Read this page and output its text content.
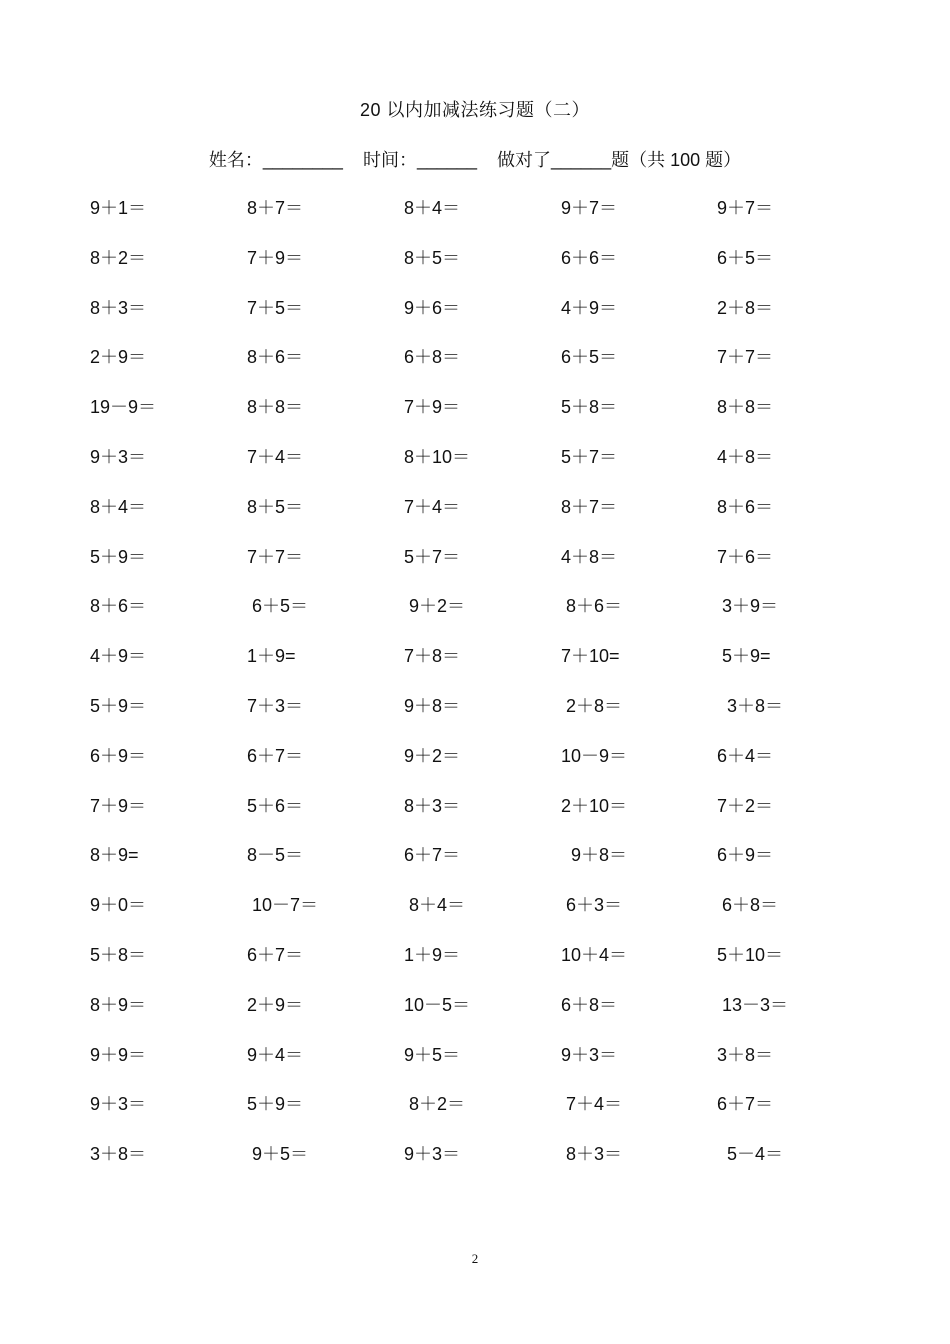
20 以内加减法练习题（二）
姓名：________    时间：______    做对了______题（共 100 题）
9＋1＝	8＋7＝	8＋4＝	9＋7＝	9＋7＝
8＋2＝	7＋9＝	8＋5＝	6＋6＝	6＋5＝
8＋3＝	7＋5＝	9＋6＝	4＋9＝	2＋8＝
2＋9＝	8＋6＝	6＋8＝	6＋5＝	7＋7＝
19－9＝	8＋8＝	7＋9＝	5＋8＝	8＋8＝
9＋3＝	7＋4＝	8＋10＝	5＋7＝	4＋8＝
8＋4＝	8＋5＝	7＋4＝	8＋7＝	8＋6＝
5＋9＝	7＋7＝	5＋7＝	4＋8＝	7＋6＝
8＋6＝	6＋5＝	9＋2＝	8＋6＝	3＋9＝
4＋9＝	1＋9=	7＋8＝	7＋10=	5＋9=
5＋9＝	7＋3＝	9＋8＝	2＋8＝	3＋8＝
6＋9＝	6＋7＝	9＋2＝	10－9＝	6＋4＝
7＋9＝	5＋6＝	8＋3＝	2＋10＝	7＋2＝
8＋9=	8－5＝	6＋7＝	9＋8＝	6＋9＝
9＋0＝	10－7＝	8＋4＝	6＋3＝	6＋8＝
5＋8＝	6＋7＝	1＋9＝	10＋4＝	5＋10＝
8＋9＝	2＋9＝	10－5＝	6＋8＝	13－3＝
9＋9＝	9＋4＝	9＋5＝	9＋3＝	3＋8＝
9＋3＝	5＋9＝	8＋2＝	7＋4＝	6＋7＝
3＋8＝	9＋5＝	9＋3＝	8＋3＝	5－4＝
2
